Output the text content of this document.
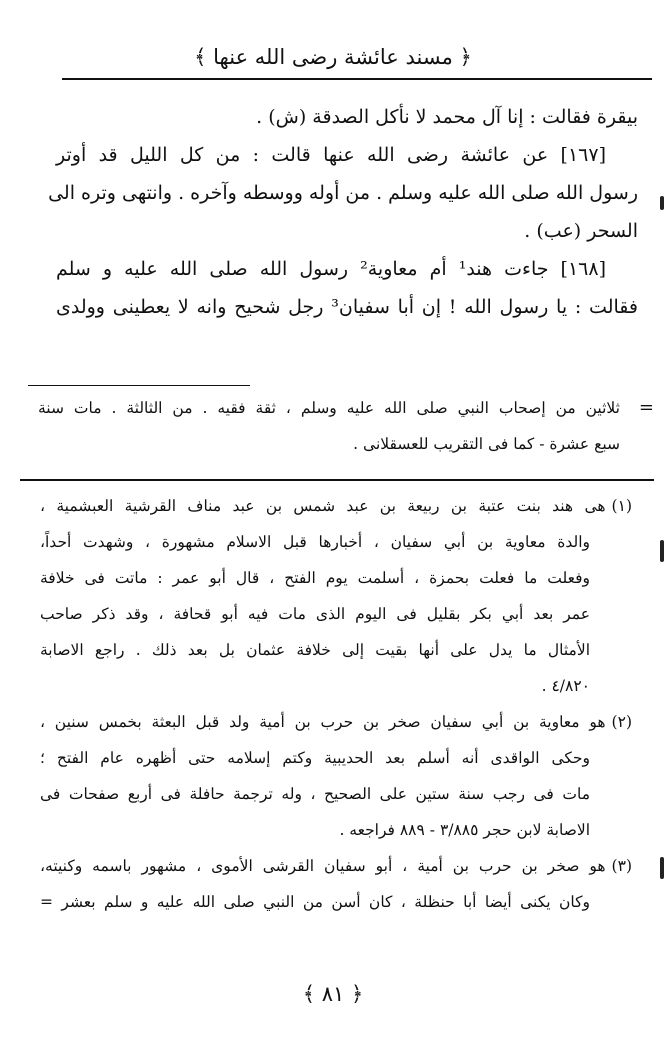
﴿ مسند عائشة رضى الله عنها ﴾
بيقرة فقالت : إنا آل محمد لا نأكل الصدقة (ش) .
[١٦٧] عن عائشة رضى الله عنها قالت : من كل الليل قد أوتر
رسول الله صلى الله عليه وسلم . من أوله ووسطه وآخره . وانتهى وتره الى
السحر (عب) .
[١٦٨] جاءت هند¹ أم معاوية² رسول الله صلى الله عليه و سلم
فقالت : يا رسول الله ! إن أبا سفيان³ رجل شحيح وانه لا يعطينى وولدى
=
ثلاثين من إصحاب النبي صلى الله عليه وسلم ، ثقة فقيه . من الثالثة . مات سنة
سبع عشرة - كما فى التقريب للعسقلانى .
(١)هى هند بنت عتبة بن ربيعة بن عبد شمس بن عبد مناف القرشية العبشمية ،
والدة معاوية بن أبي سفيان ، أخبارها قبل الاسلام مشهورة ، وشهدت أحداً،
وفعلت ما فعلت بحمزة ، أسلمت يوم الفتح ، قال أبو عمر : ماتت فى خلافة
عمر بعد أبي بكر بقليل فى اليوم الذى مات فيه أبو قحافة ، وقد ذكر صاحب
الأمثال ما يدل على أنها بقيت إلى خلافة عثمان بل بعد ذلك . راجع الاصابة
٤/٨٢٠ .
(٢)هو معاوية بن أبي سفيان صخر بن حرب بن أمية ولد قبل البعثة بخمس سنين ،
وحكى الواقدى أنه أسلم بعد الحديبية وكتم إسلامه حتى أظهره عام الفتح ؛
مات فى رجب سنة ستين على الصحيح ، وله ترجمة حافلة فى أربع صفحات فى
الاصابة لابن حجر ٣/٨٨٥ - ٨٨٩ فراجعه .
(٣)هو صخر بن حرب بن أمية ، أبو سفيان القرشى الأموى ، مشهور باسمه وكنيته،
وكان يكنى أيضا أبا حنظلة ، كان أسن من النبي صلى الله عليه و سلم بعشر =
﴿ ٨١ ﴾
